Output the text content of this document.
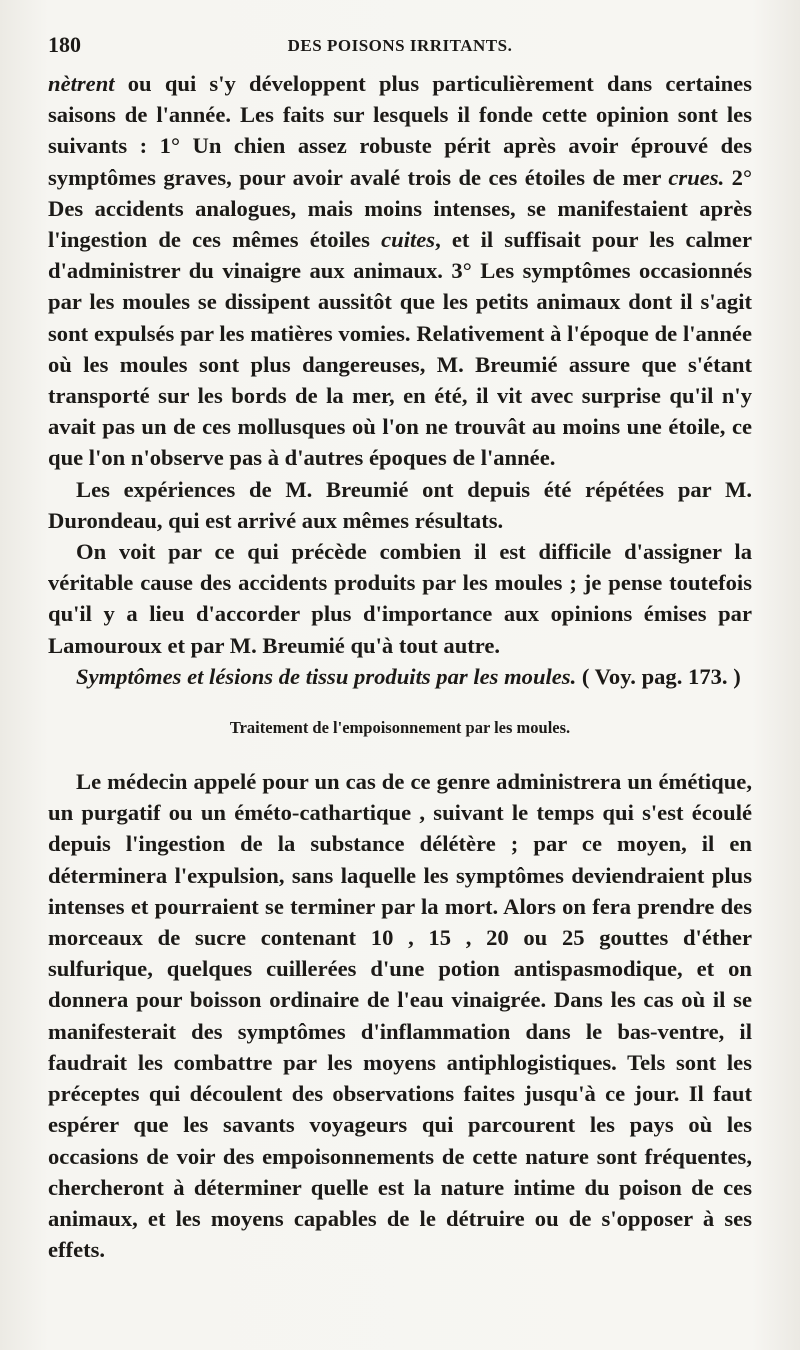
180	DES POISONS IRRITANTS.

nètrent ou qui s'y développent plus particulièrement dans certaines saisons de l'année. Les faits sur lesquels il fonde cette opinion sont les suivants : 1° Un chien assez robuste périt après avoir éprouvé des symptômes graves, pour avoir avalé trois de ces étoiles de mer crues. 2° Des accidents analogues, mais moins intenses, se manifestaient après l'ingestion de ces mêmes étoiles cuites, et il suffisait pour les calmer d'administrer du vinaigre aux animaux. 3° Les symptômes occasionnés par les moules se dissipent aussitôt que les petits animaux dont il s'agit sont expulsés par les matières vomies. Relativement à l'époque de l'année où les moules sont plus dangereuses, M. Breumié assure que s'étant transporté sur les bords de la mer, en été, il vit avec surprise qu'il n'y avait pas un de ces mollusques où l'on ne trouvât au moins une étoile, ce que l'on n'observe pas à d'autres époques de l'année.

Les expériences de M. Breumié ont depuis été répétées par M. Durondeau, qui est arrivé aux mêmes résultats.

On voit par ce qui précède combien il est difficile d'assigner la véritable cause des accidents produits par les moules ; je pense toutefois qu'il y a lieu d'accorder plus d'importance aux opinions émises par Lamouroux et par M. Breumié qu'à tout autre.

Symptômes et lésions de tissu produits par les moules. ( Voy. pag. 173. )

Traitement de l'empoisonnement par les moules.

Le médecin appelé pour un cas de ce genre administrera un émétique, un purgatif ou un éméto-cathartique , suivant le temps qui s'est écoulé depuis l'ingestion de la substance délétère ; par ce moyen, il en déterminera l'expulsion, sans laquelle les symptômes deviendraient plus intenses et pourraient se terminer par la mort. Alors on fera prendre des morceaux de sucre contenant 10 , 15 , 20 ou 25 gouttes d'éther sulfurique, quelques cuillerées d'une potion antispasmodique, et on donnera pour boisson ordinaire de l'eau vinaigrée. Dans les cas où il se manifesterait des symptômes d'inflammation dans le bas-ventre, il faudrait les combattre par les moyens antiphlogistiques. Tels sont les préceptes qui découlent des observations faites jusqu'à ce jour. Il faut espérer que les savants voyageurs qui parcourent les pays où les occasions de voir des empoisonnements de cette nature sont fréquentes, chercheront à déterminer quelle est la nature intime du poison de ces animaux, et les moyens capables de le détruire ou de s'opposer à ses effets.
